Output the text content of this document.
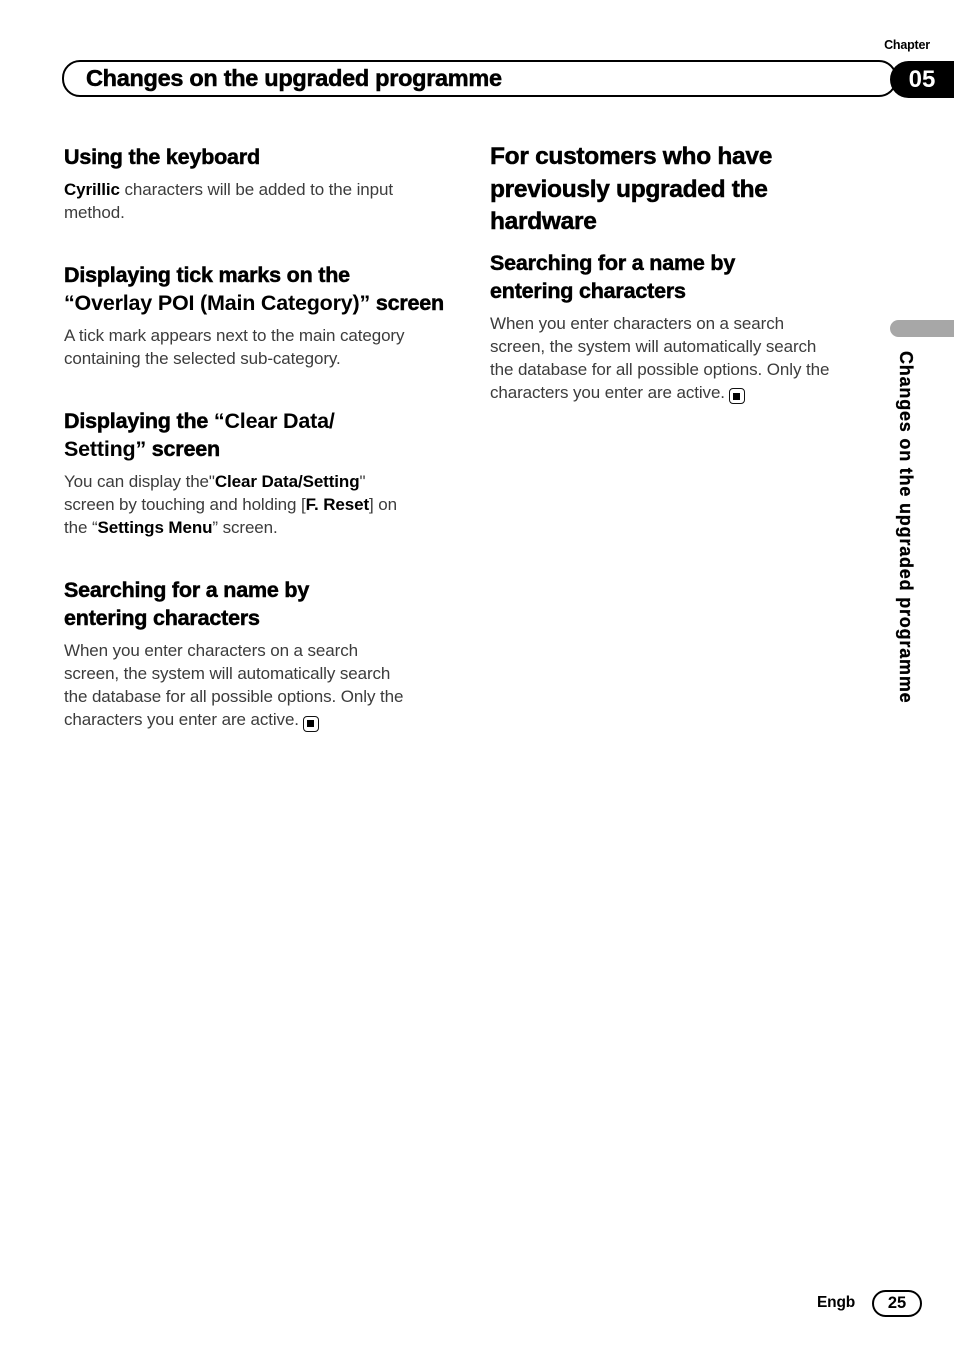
Chapter
Changes on the upgraded programme	05
Using the keyboard

Cyrillic characters will be added to the input
method.

Displaying tick marks on the
“Overlay POI (Main Category)” screen

A tick mark appears next to the main category
containing the selected sub-category.

Displaying the “Clear Data/
Setting” screen

You can display the"Clear Data/Setting"
screen by touching and holding [F. Reset] on
the “Settings Menu” screen.

Searching for a name by
entering characters

When you enter characters on a search
screen, the system will automatically search
the database for all possible options. Only the
characters you enter are active.

For customers who have
previously upgraded the
hardware
Searching for a name by
entering characters

When you enter characters on a search
screen, the system will automatically search
the database for all possible options. Only the
characters you enter are active.	Changes on the upgraded programme
Engb 25
